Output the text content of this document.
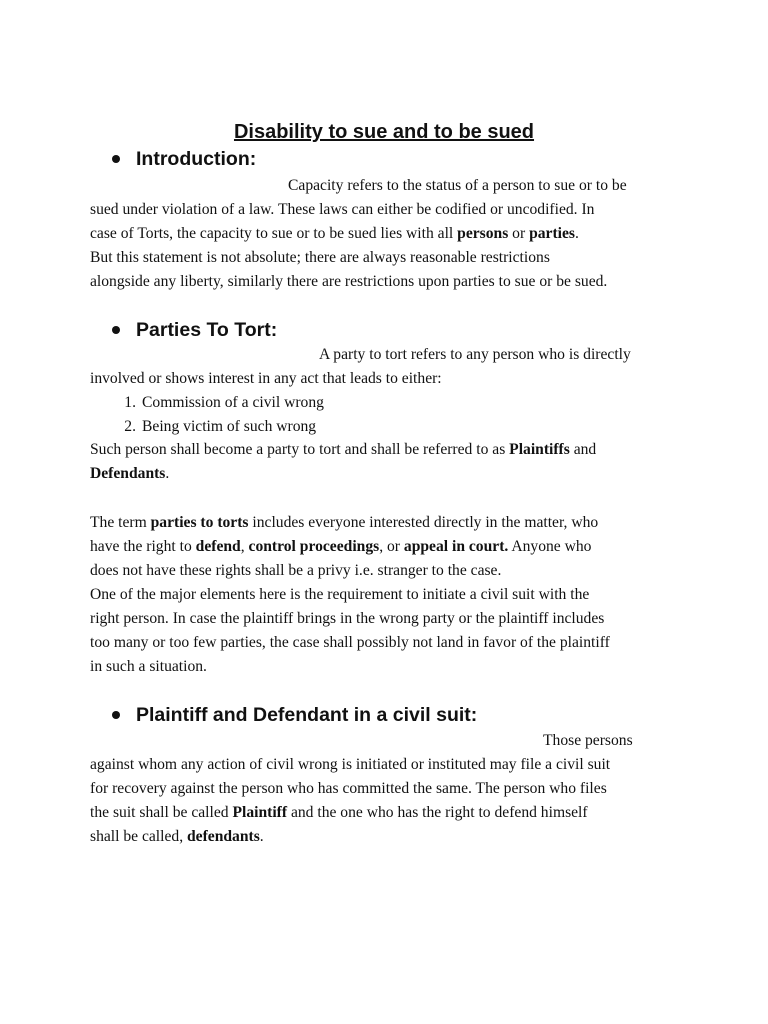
Disability to sue and to be sued
Introduction:

Capacity refers to the status of a person to sue or to be
sued under violation of a law. These laws can either be codified or uncodified. In
case of Torts, the capacity to sue or to be sued lies with all persons or parties.
But this statement is not absolute; there are always reasonable restrictions
alongside any liberty, similarly there are restrictions upon parties to sue or be sued.

Parties To Tort:

A party to tort refers to any person who is directly
involved or shows interest in any act that leads to either:

1. Commission of a civil wrong
2. Being victim of such wrong

Such person shall become a party to tort and shall be referred to as Plaintiffs and
Defendants.

The term parties to torts includes everyone interested directly in the matter, who
have the right to defend, control proceedings, or appeal in court. Anyone who
does not have these rights shall be a privy i.e. stranger to the case.
One of the major elements here is the requirement to initiate a civil suit with the
right person. In case the plaintiff brings in the wrong party or the plaintiff includes
too many or too few parties, the case shall possibly not land in favor of the plaintiff
in such a situation.

Plaintiff and Defendant in a civil suit:

Those persons
against whom any action of civil wrong is initiated or instituted may file a civil suit
for recovery against the person who has committed the same. The person who files
the suit shall be called Plaintiff and the one who has the right to defend himself
shall be called, defendants.
